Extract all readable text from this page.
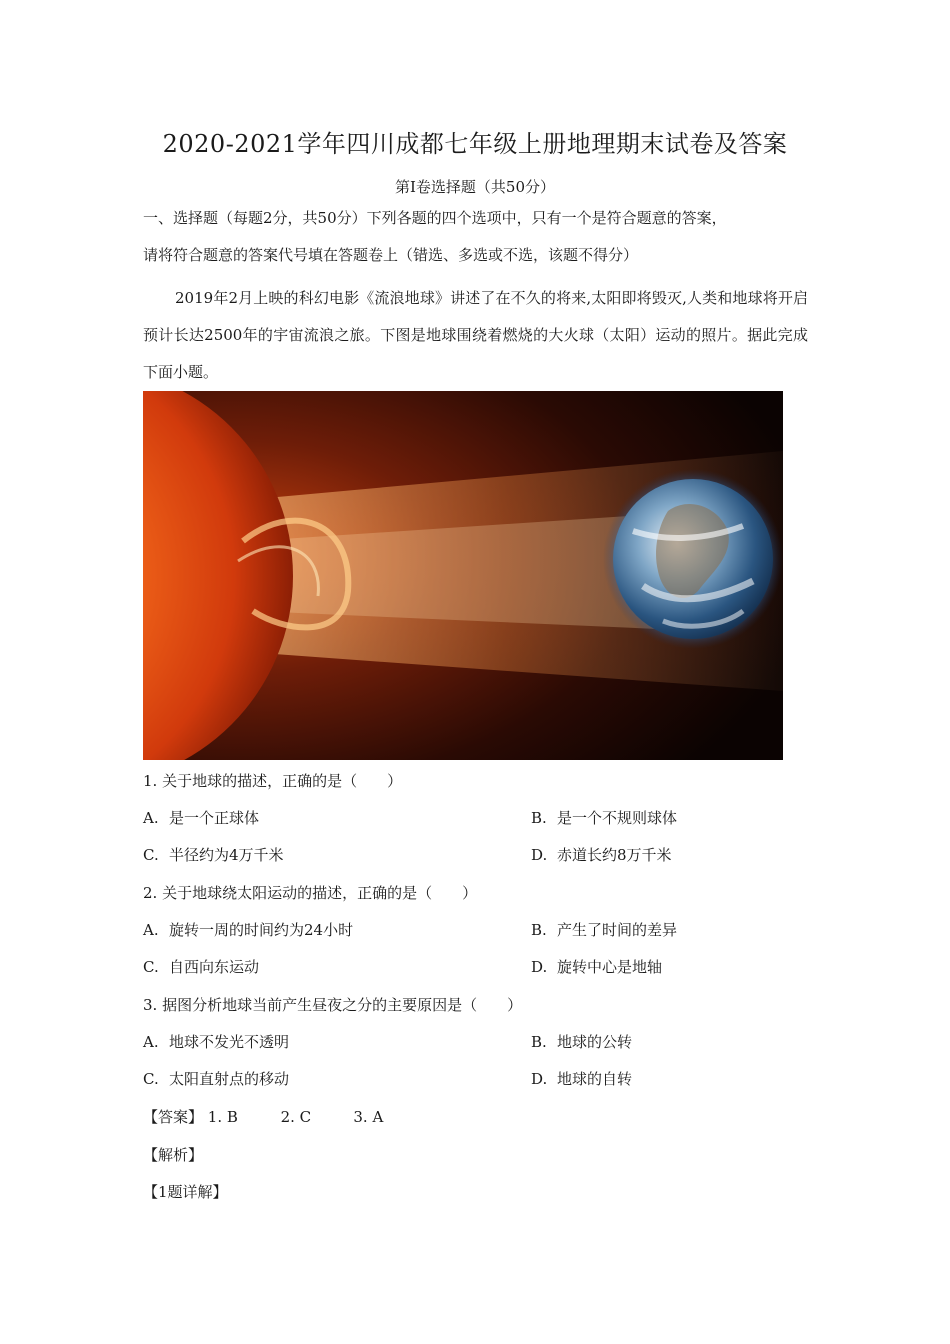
2020-2021学年四川成都七年级上册地理期末试卷及答案
第Ⅰ卷选择题（共50分）
一、选择题（每题2分，共50分）下列各题的四个选项中，只有一个是符合题意的答案，
请将符合题意的答案代号填在答题卷上（错选、多选或不选，该题不得分）
2019年2月上映的科幻电影《流浪地球》讲述了在不久的将来,太阳即将毁灭,人类和地球将开启预计长达2500年的宇宙流浪之旅。下图是地球围绕着燃烧的大火球（太阳）运动的照片。据此完成下面小题。
1. 关于地球的描述，正确的是（　　）
A. 是一个正球体	B. 是一个不规则球体
C. 半径约为4万千米	D. 赤道长约8万千米
2. 关于地球绕太阳运动的描述，正确的是（　　）
A. 旋转一周的时间约为24小时	B. 产生了时间的差异
C. 自西向东运动	D. 旋转中心是地轴
3. 据图分析地球当前产生昼夜之分的主要原因是（　　）
A. 地球不发光不透明	B. 地球的公转
C. 太阳直射点的移动	D. 地球的自转
【答案】 1. B	2. C	3. A
【解析】
【1题详解】
